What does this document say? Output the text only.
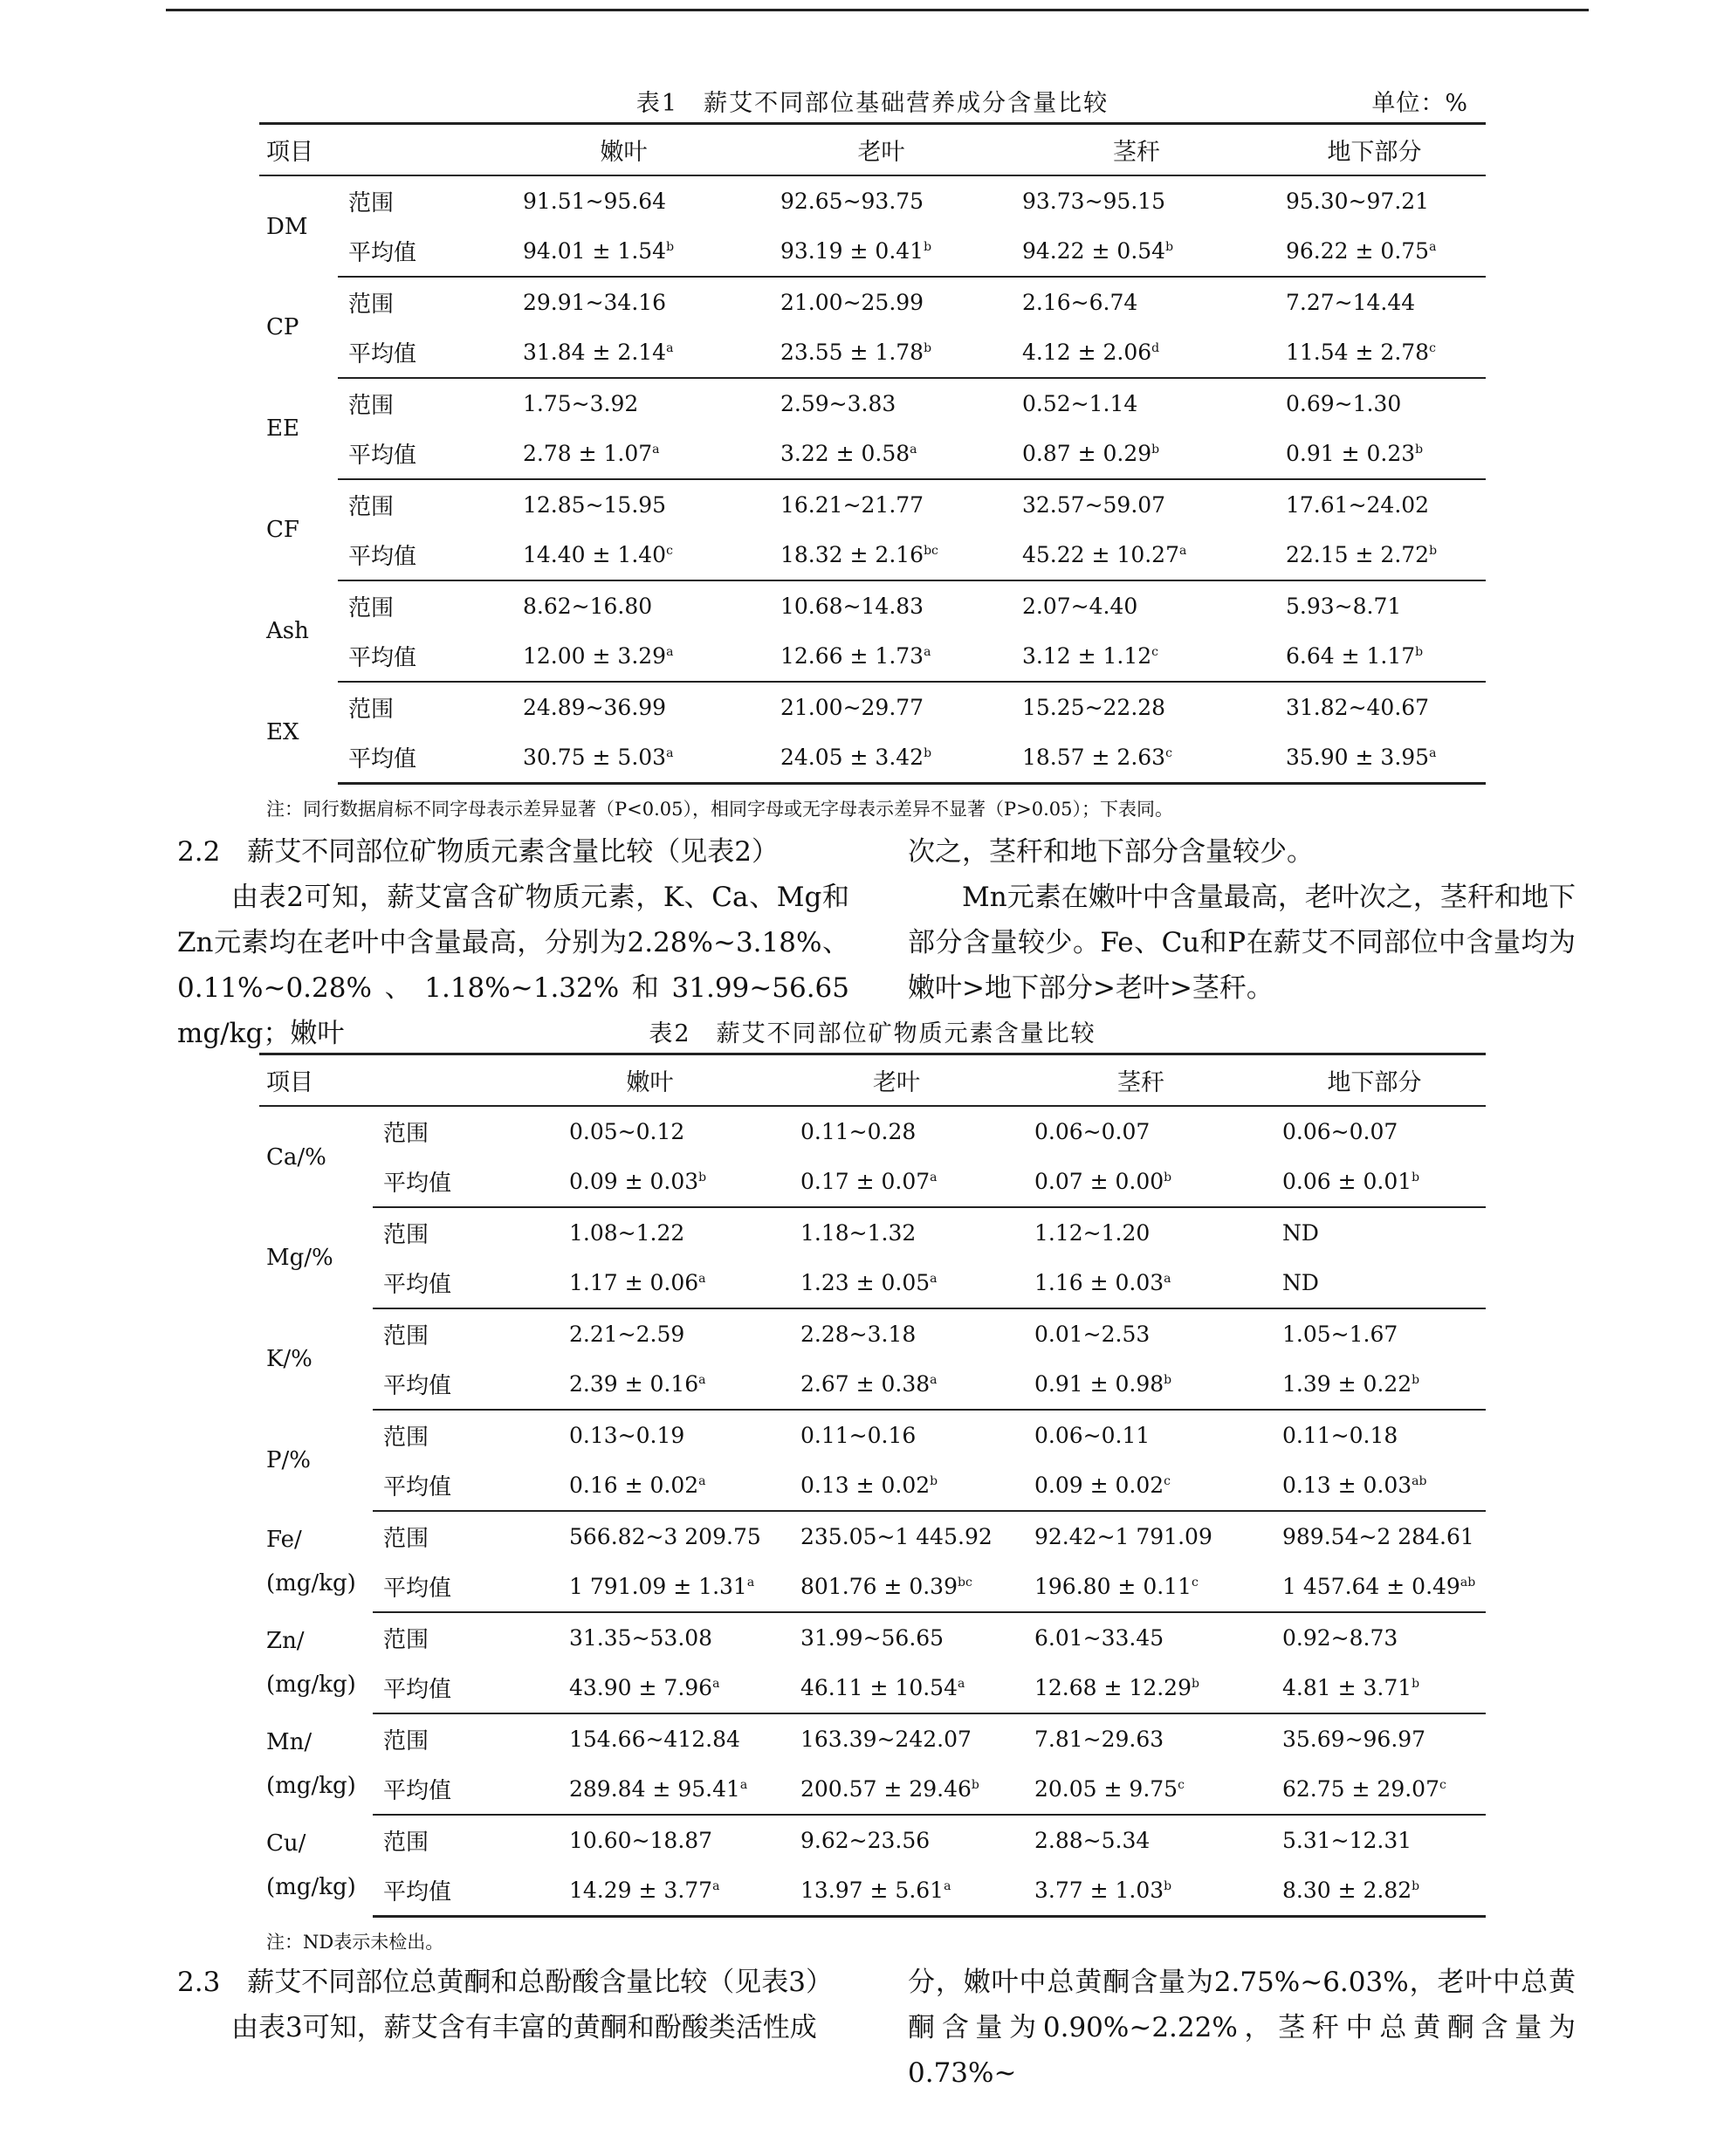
表1　薪艾不同部位基础营养成分含量比较	单位：%
项目		嫩叶	老叶	茎秆	地下部分
DM	范围	91.51~95.64	92.65~93.75	93.73~95.15	95.30~97.21
	平均值	94.01 ± 1.54$^b$	93.19 ± 0.41$^b$	94.22 ± 0.54$^b$	96.22 ± 0.75$^a$
CP	范围	29.91~34.16	21.00~25.99	2.16~6.74	7.27~14.44
	平均值	31.84 ± 2.14$^a$	23.55 ± 1.78$^b$	4.12 ± 2.06$^d$	11.54 ± 2.78$^c$
EE	范围	1.75~3.92	2.59~3.83	0.52~1.14	0.69~1.30
	平均值	2.78 ± 1.07$^a$	3.22 ± 0.58$^a$	0.87 ± 0.29$^b$	0.91 ± 0.23$^b$
CF	范围	12.85~15.95	16.21~21.77	32.57~59.07	17.61~24.02
	平均值	14.40 ± 1.40$^c$	18.32 ± 2.16$^{bc}$	45.22 ± 10.27$^a$	22.15 ± 2.72$^b$
Ash	范围	8.62~16.80	10.68~14.83	2.07~4.40	5.93~8.71
	平均值	12.00 ± 3.29$^a$	12.66 ± 1.73$^a$	3.12 ± 1.12$^c$	6.64 ± 1.17$^b$
EX	范围	24.89~36.99	21.00~29.77	15.25~22.28	31.82~40.67
	平均值	30.75 ± 5.03$^a$	24.05 ± 3.42$^b$	18.57 ± 2.63$^c$	35.90 ± 3.95$^a$
注：同行数据肩标不同字母表示差异显著（P<0.05），相同字母或无字母表示差异不显著（P>0.05）；下表同。
2.2　薪艾不同部位矿物质元素含量比较（见表2）
由表2可知，薪艾富含矿物质元素，K、Ca、Mg和Zn元素均在老叶中含量最高，分别为2.28%~3.18%、0.11%~0.28%、1.18%~1.32%和31.99~56.65 mg/kg；嫩叶
次之，茎秆和地下部分含量较少。
Mn元素在嫩叶中含量最高，老叶次之，茎秆和地下部分含量较少。Fe、Cu和P在薪艾不同部位中含量均为嫩叶>地下部分>老叶>茎秆。
表2　薪艾不同部位矿物质元素含量比较
项目		嫩叶	老叶	茎秆	地下部分
Ca/%	范围	0.05~0.12	0.11~0.28	0.06~0.07	0.06~0.07
	平均值	0.09 ± 0.03$^b$	0.17 ± 0.07$^a$	0.07 ± 0.00$^b$	0.06 ± 0.01$^b$
Mg/%	范围	1.08~1.22	1.18~1.32	1.12~1.20	ND
	平均值	1.17 ± 0.06$^a$	1.23 ± 0.05$^a$	1.16 ± 0.03$^a$	ND
K/%	范围	2.21~2.59	2.28~3.18	0.01~2.53	1.05~1.67
	平均值	2.39 ± 0.16$^a$	2.67 ± 0.38$^a$	0.91 ± 0.98$^b$	1.39 ± 0.22$^b$
P/%	范围	0.13~0.19	0.11~0.16	0.06~0.11	0.11~0.18
	平均值	0.16 ± 0.02$^a$	0.13 ± 0.02$^b$	0.09 ± 0.02$^c$	0.13 ± 0.03$^{ab}$
Fe/
(mg/kg)	范围	566.82~3 209.75	235.05~1 445.92	92.42~1 791.09	989.54~2 284.61
	平均值	1 791.09 ± 1.31$^a$	801.76 ± 0.39$^{bc}$	196.80 ± 0.11$^c$	1 457.64 ± 0.49$^{ab}$
Zn/
(mg/kg)	范围	31.35~53.08	31.99~56.65	6.01~33.45	0.92~8.73
	平均值	43.90 ± 7.96$^a$	46.11 ± 10.54$^a$	12.68 ± 12.29$^b$	4.81 ± 3.71$^b$
Mn/
(mg/kg)	范围	154.66~412.84	163.39~242.07	7.81~29.63	35.69~96.97
	平均值	289.84 ± 95.41$^a$	200.57 ± 29.46$^b$	20.05 ± 9.75$^c$	62.75 ± 29.07$^c$
Cu/
(mg/kg)	范围	10.60~18.87	9.62~23.56	2.88~5.34	5.31~12.31
	平均值	14.29 ± 3.77$^a$	13.97 ± 5.61$^a$	3.77 ± 1.03$^b$	8.30 ± 2.82$^b$
注：ND表示未检出。
2.3　薪艾不同部位总黄酮和总酚酸含量比较（见表3）
由表3可知，薪艾含有丰富的黄酮和酚酸类活性成
分，嫩叶中总黄酮含量为2.75%~6.03%，老叶中总黄酮含量为0.90%~2.22%，茎秆中总黄酮含量为0.73%~
